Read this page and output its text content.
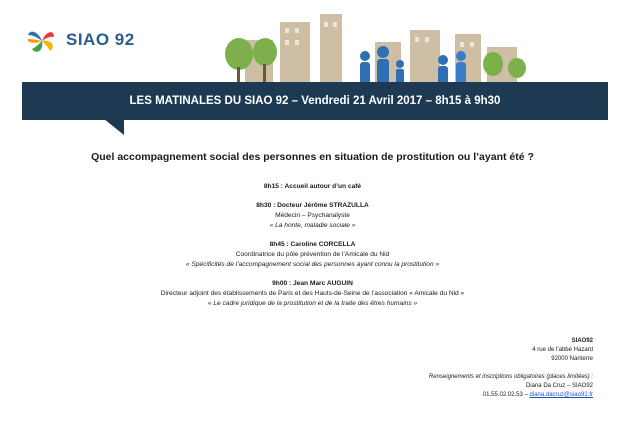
SIAO 92
LES MATINALES DU SIAO 92 – Vendredi 21 Avril 2017 – 8h15 à 9h30
Quel accompagnement social des personnes en situation de prostitution ou l’ayant été ?
8h15 : Accueil autour d’un café
8h30 : Docteur Jérôme STRAZULLA
Médecin – Psychanalyste
« La honte, maladie sociale »
8h45 : Caroline CORCELLA
Coordinatrice du pôle prévention de l’Amicale du Nid
« Spécificités de l’accompagnement social des personnes ayant connu la prostitution »
9h00 : Jean Marc AUGUIN
Directeur adjoint des établissements de Paris et des Hauts-de-Seine de l’association « Amicale du Nid »
« Le cadre juridique de la prostitution et de la traite des êtres humains »
SIAO92
4 rue de l’abbé Hazard
92000 Nanterre
Renseignements et inscriptions obligatoires (places limitées) :
Diana Da Cruz – SIAO92
01.55.02.02.53 – diana.dacruz@siao92.fr
